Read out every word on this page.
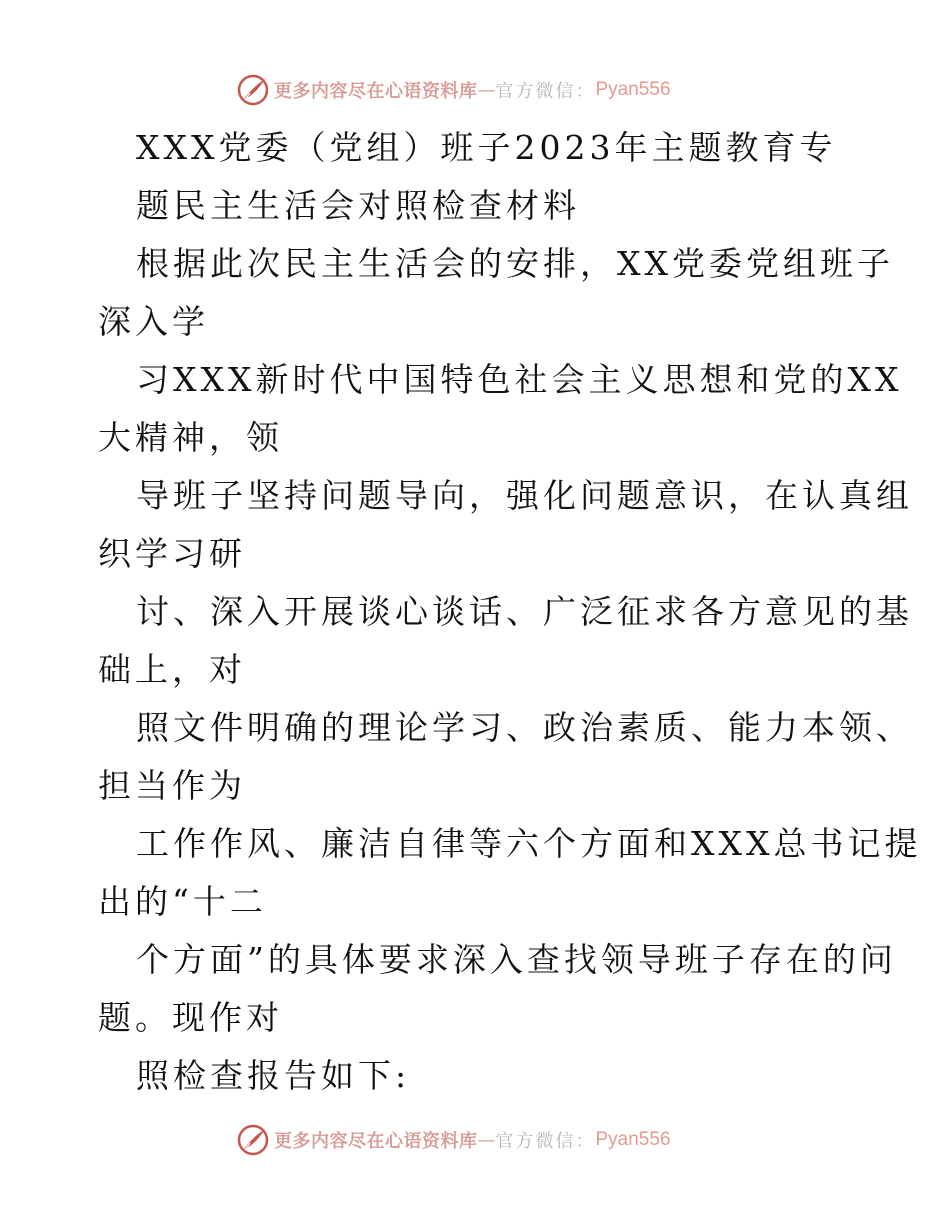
更多内容尽在心语资料库 — 官方微信： Pyan556
XXX党委（党组）班子2023年主题教育专
题民主生活会对照检查材料
根据此次民主生活会的安排，XX党委党组班子
深入学
习XXX新时代中国特色社会主义思想和党的XX
大精神，领
导班子坚持问题导向，强化问题意识，在认真组
织学习研
讨、深入开展谈心谈话、广泛征求各方意见的基
础上，对
照文件明确的理论学习、政治素质、能力本领、
担当作为
工作作风、廉洁自律等六个方面和XXX总书记提
出的“十二
个方面”的具体要求深入查找领导班子存在的问
题。现作对
照检查报告如下:
更多内容尽在心语资料库 — 官方微信： Pyan556
